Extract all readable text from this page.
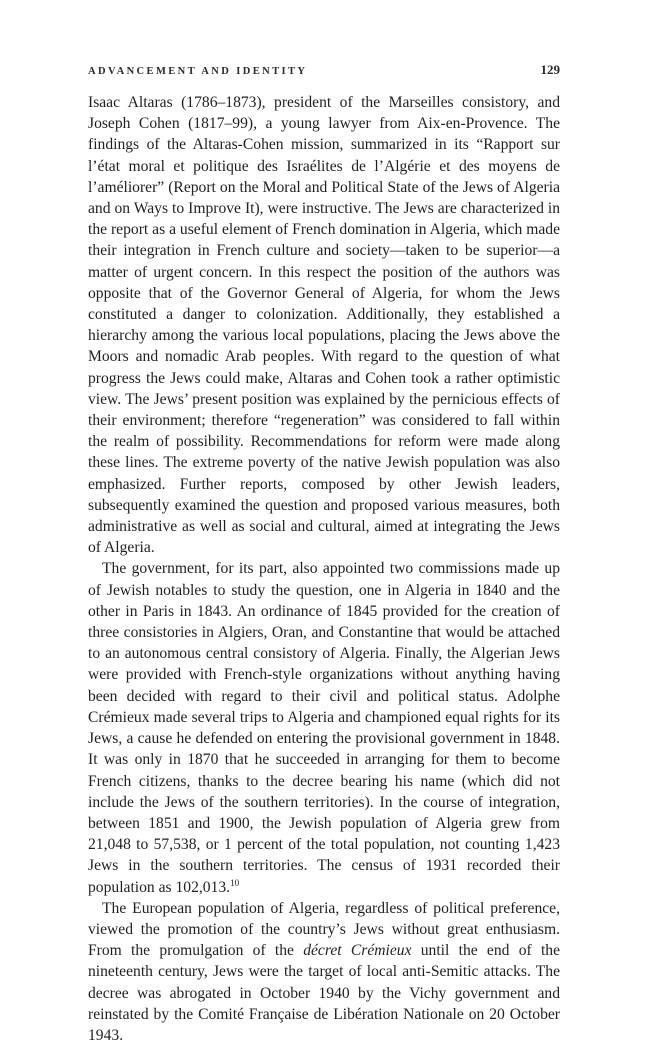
ADVANCEMENT AND IDENTITY	129

Isaac Altaras (1786–1873), president of the Marseilles consistory, and Joseph Cohen (1817–99), a young lawyer from Aix-en-Provence. The findings of the Altaras-Cohen mission, summarized in its “Rapport sur l’état moral et politique des Israélites de l’Algérie et des moyens de l’améliorer” (Report on the Moral and Political State of the Jews of Algeria and on Ways to Improve It), were instructive. The Jews are characterized in the report as a useful element of French domination in Algeria, which made their integration in French culture and society—taken to be superior—a matter of urgent concern. In this respect the position of the authors was opposite that of the Governor General of Algeria, for whom the Jews constituted a danger to colonization. Additionally, they established a hierarchy among the various local populations, placing the Jews above the Moors and nomadic Arab peoples. With regard to the question of what progress the Jews could make, Altaras and Cohen took a rather optimistic view. The Jews’ present position was explained by the pernicious effects of their environment; therefore “regeneration” was considered to fall within the realm of possibility. Recommendations for reform were made along these lines. The extreme poverty of the native Jewish population was also emphasized. Further reports, composed by other Jewish leaders, subsequently examined the question and proposed various measures, both administrative as well as social and cultural, aimed at integrating the Jews of Algeria.

The government, for its part, also appointed two commissions made up of Jewish notables to study the question, one in Algeria in 1840 and the other in Paris in 1843. An ordinance of 1845 provided for the creation of three consistories in Algiers, Oran, and Constantine that would be attached to an autonomous central consistory of Algeria. Finally, the Algerian Jews were provided with French-style organizations without anything having been decided with regard to their civil and political status. Adolphe Crémieux made several trips to Algeria and championed equal rights for its Jews, a cause he defended on entering the provisional government in 1848. It was only in 1870 that he succeeded in arranging for them to become French citizens, thanks to the decree bearing his name (which did not include the Jews of the southern territories). In the course of integration, between 1851 and 1900, the Jewish population of Algeria grew from 21,048 to 57,538, or 1 percent of the total population, not counting 1,423 Jews in the southern territories. The census of 1931 recorded their population as 102,013.10

The European population of Algeria, regardless of political preference, viewed the promotion of the country’s Jews without great enthusiasm. From the promulgation of the décret Crémieux until the end of the nineteenth century, Jews were the target of local anti-Semitic attacks. The decree was abrogated in October 1940 by the Vichy government and reinstated by the Comité Française de Libération Nationale on 20 October 1943.
